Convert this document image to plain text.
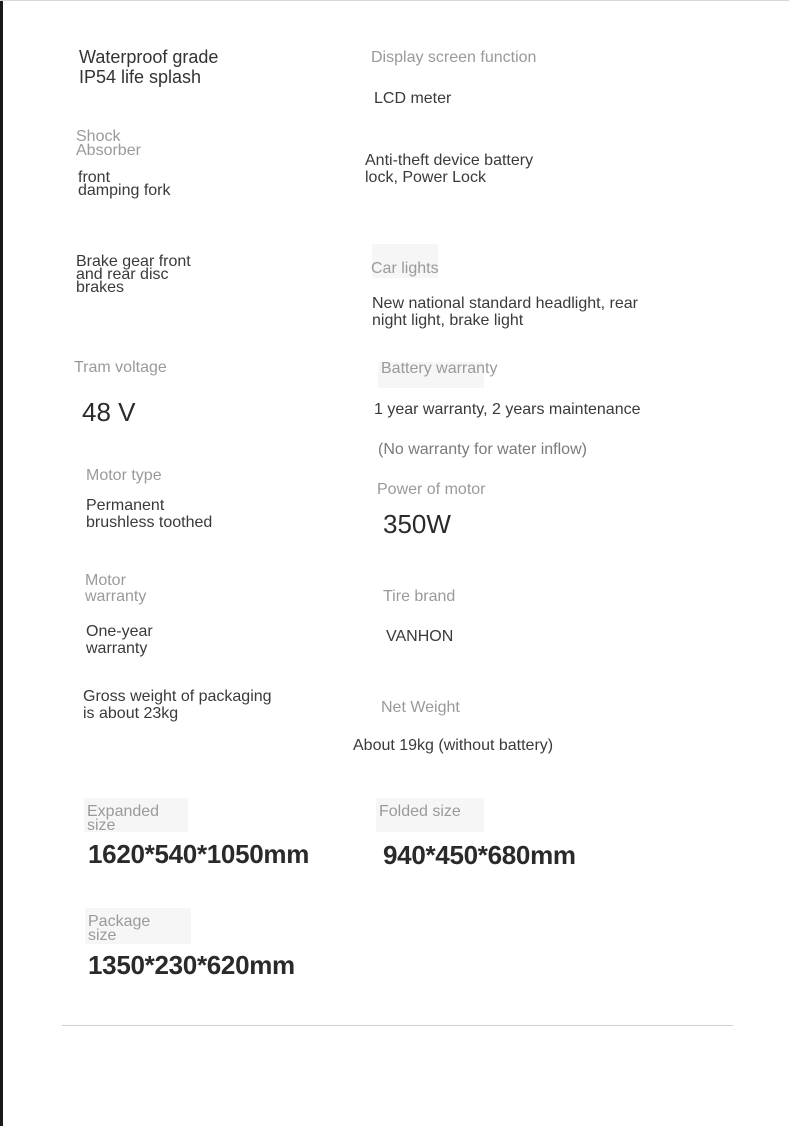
Waterproof grade
IP54 life splash

Display screen function

LCD meter

Shock
Absorber

front
damping fork

Anti-theft device battery
lock, Power Lock

Brake gear front
and rear disc
brakes

Car lights

New national standard headlight, rear
night light, brake light

Tram voltage

48 V

Battery warranty

1 year warranty, 2 years maintenance

(No warranty for water inflow)

Motor type

Permanent
brushless toothed

Power of motor

350W

Motor
warranty

One-year
warranty

Tire brand

VANHON

Gross weight of packaging
is about 23kg	Net Weight

About 19kg (without battery)

Expanded
size

1620*540*1050mm

Folded size

940*450*680mm

Package
size

1350*230*620mm
